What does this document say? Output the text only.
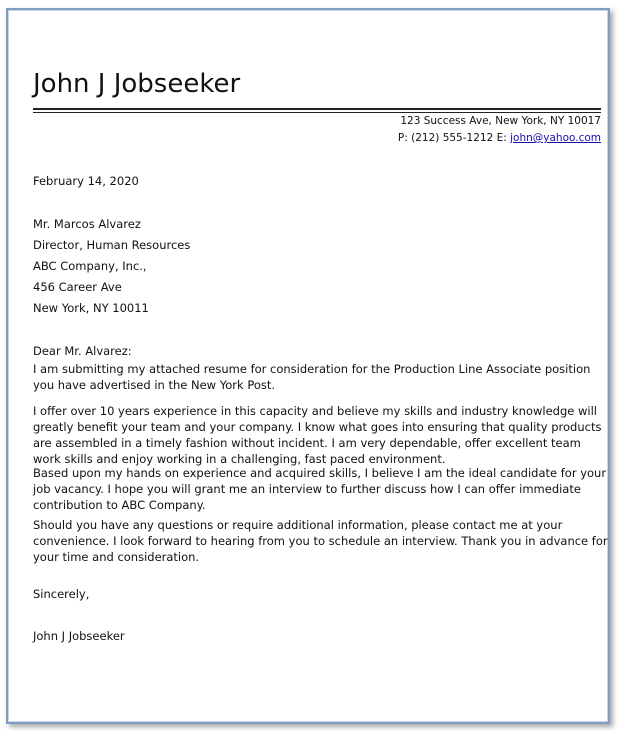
John J Jobseeker
123 Success Ave, New York, NY 10017
P: (212) 555-1212 E: john@yahoo.com
February 14, 2020
Mr. Marcos Alvarez
Director, Human Resources
ABC Company, Inc.,
456 Career Ave
New York, NY 10011
Dear Mr. Alvarez:
I am submitting my attached resume for consideration for the Production Line Associate position you have advertised in the New York Post.
I offer over 10 years experience in this capacity and believe my skills and industry knowledge will greatly benefit your team and your company. I know what goes into ensuring that quality products are assembled in a timely fashion without incident. I am very dependable, offer excellent team work skills and enjoy working in a challenging, fast paced environment.
Based upon my hands on experience and acquired skills, I believe I am the ideal candidate for your job vacancy. I hope you will grant me an interview to further discuss how I can offer immediate contribution to ABC Company.
Should you have any questions or require additional information, please contact me at your convenience. I look forward to hearing from you to schedule an interview. Thank you in advance for your time and consideration.
Sincerely,
John J Jobseeker
